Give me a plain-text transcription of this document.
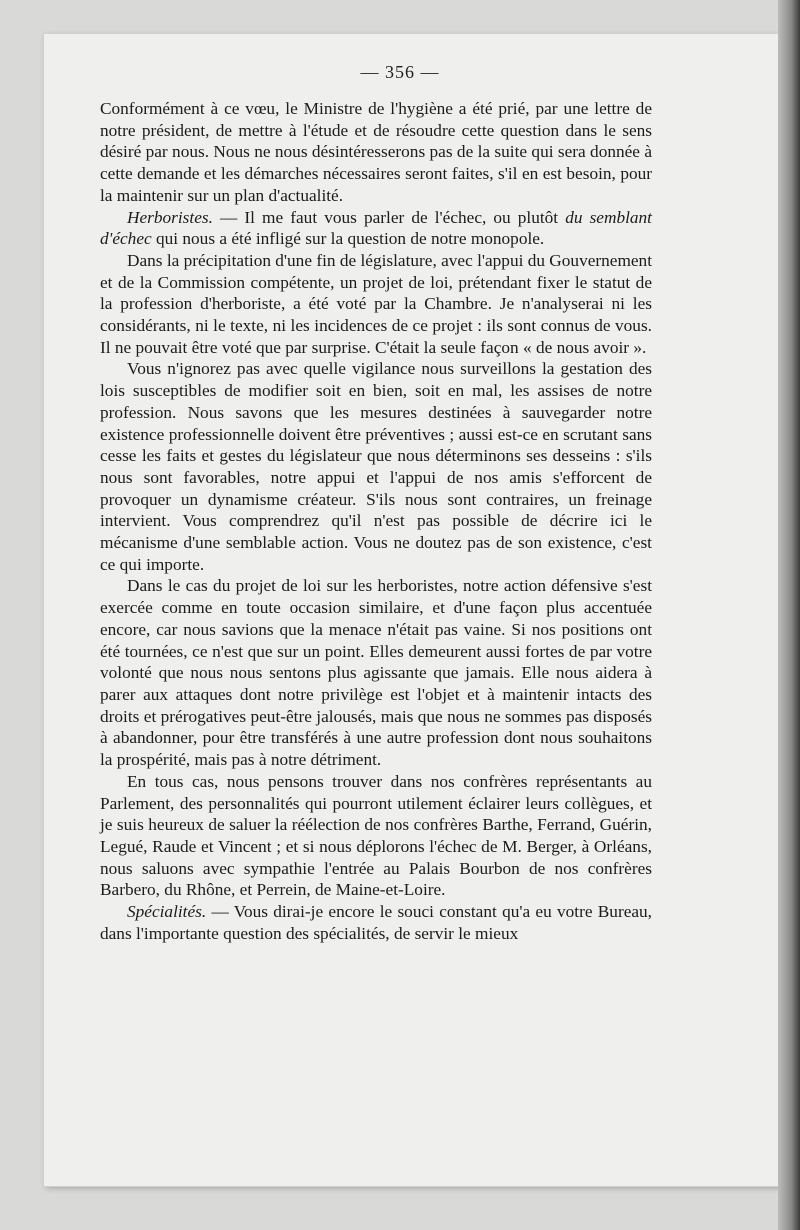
— 356 —

Conformément à ce vœu, le Ministre de l'hygiène a été prié, par une lettre de notre président, de mettre à l'étude et de résoudre cette question dans le sens désiré par nous. Nous ne nous désintéresserons pas de la suite qui sera donnée à cette demande et les démarches nécessaires seront faites, s'il en est besoin, pour la maintenir sur un plan d'actualité.

Herboristes. — Il me faut vous parler de l'échec, ou plutôt du semblant d'échec qui nous a été infligé sur la question de notre monopole.

Dans la précipitation d'une fin de législature, avec l'appui du Gouvernement et de la Commission compétente, un projet de loi, prétendant fixer le statut de la profession d'herboriste, a été voté par la Chambre. Je n'analyserai ni les considérants, ni le texte, ni les incidences de ce projet : ils sont connus de vous. Il ne pouvait être voté que par surprise. C'était la seule façon « de nous avoir ».

Vous n'ignorez pas avec quelle vigilance nous surveillons la gestation des lois susceptibles de modifier soit en bien, soit en mal, les assises de notre profession. Nous savons que les mesures destinées à sauvegarder notre existence professionnelle doivent être préventives ; aussi est-ce en scrutant sans cesse les faits et gestes du législateur que nous déterminons ses desseins : s'ils nous sont favorables, notre appui et l'appui de nos amis s'efforcent de provoquer un dynamisme créateur. S'ils nous sont contraires, un freinage intervient. Vous comprendrez qu'il n'est pas possible de décrire ici le mécanisme d'une semblable action. Vous ne doutez pas de son existence, c'est ce qui importe.

Dans le cas du projet de loi sur les herboristes, notre action défensive s'est exercée comme en toute occasion similaire, et d'une façon plus accentuée encore, car nous savions que la menace n'était pas vaine. Si nos positions ont été tournées, ce n'est que sur un point. Elles demeurent aussi fortes de par votre volonté que nous nous sentons plus agissante que jamais. Elle nous aidera à parer aux attaques dont notre privilège est l'objet et à maintenir intacts des droits et prérogatives peut-être jalousés, mais que nous ne sommes pas disposés à abandonner, pour être transférés à une autre profession dont nous souhaitons la prospérité, mais pas à notre détriment.

En tous cas, nous pensons trouver dans nos confrères représentants au Parlement, des personnalités qui pourront utilement éclairer leurs collègues, et je suis heureux de saluer la réélection de nos confrères Barthe, Ferrand, Guérin, Legué, Raude et Vincent ; et si nous déplorons l'échec de M. Berger, à Orléans, nous saluons avec sympathie l'entrée au Palais Bourbon de nos confrères Barbero, du Rhône, et Perrein, de Maine-et-Loire.

Spécialités. — Vous dirai-je encore le souci constant qu'a eu votre Bureau, dans l'importante question des spécialités, de servir le mieux
